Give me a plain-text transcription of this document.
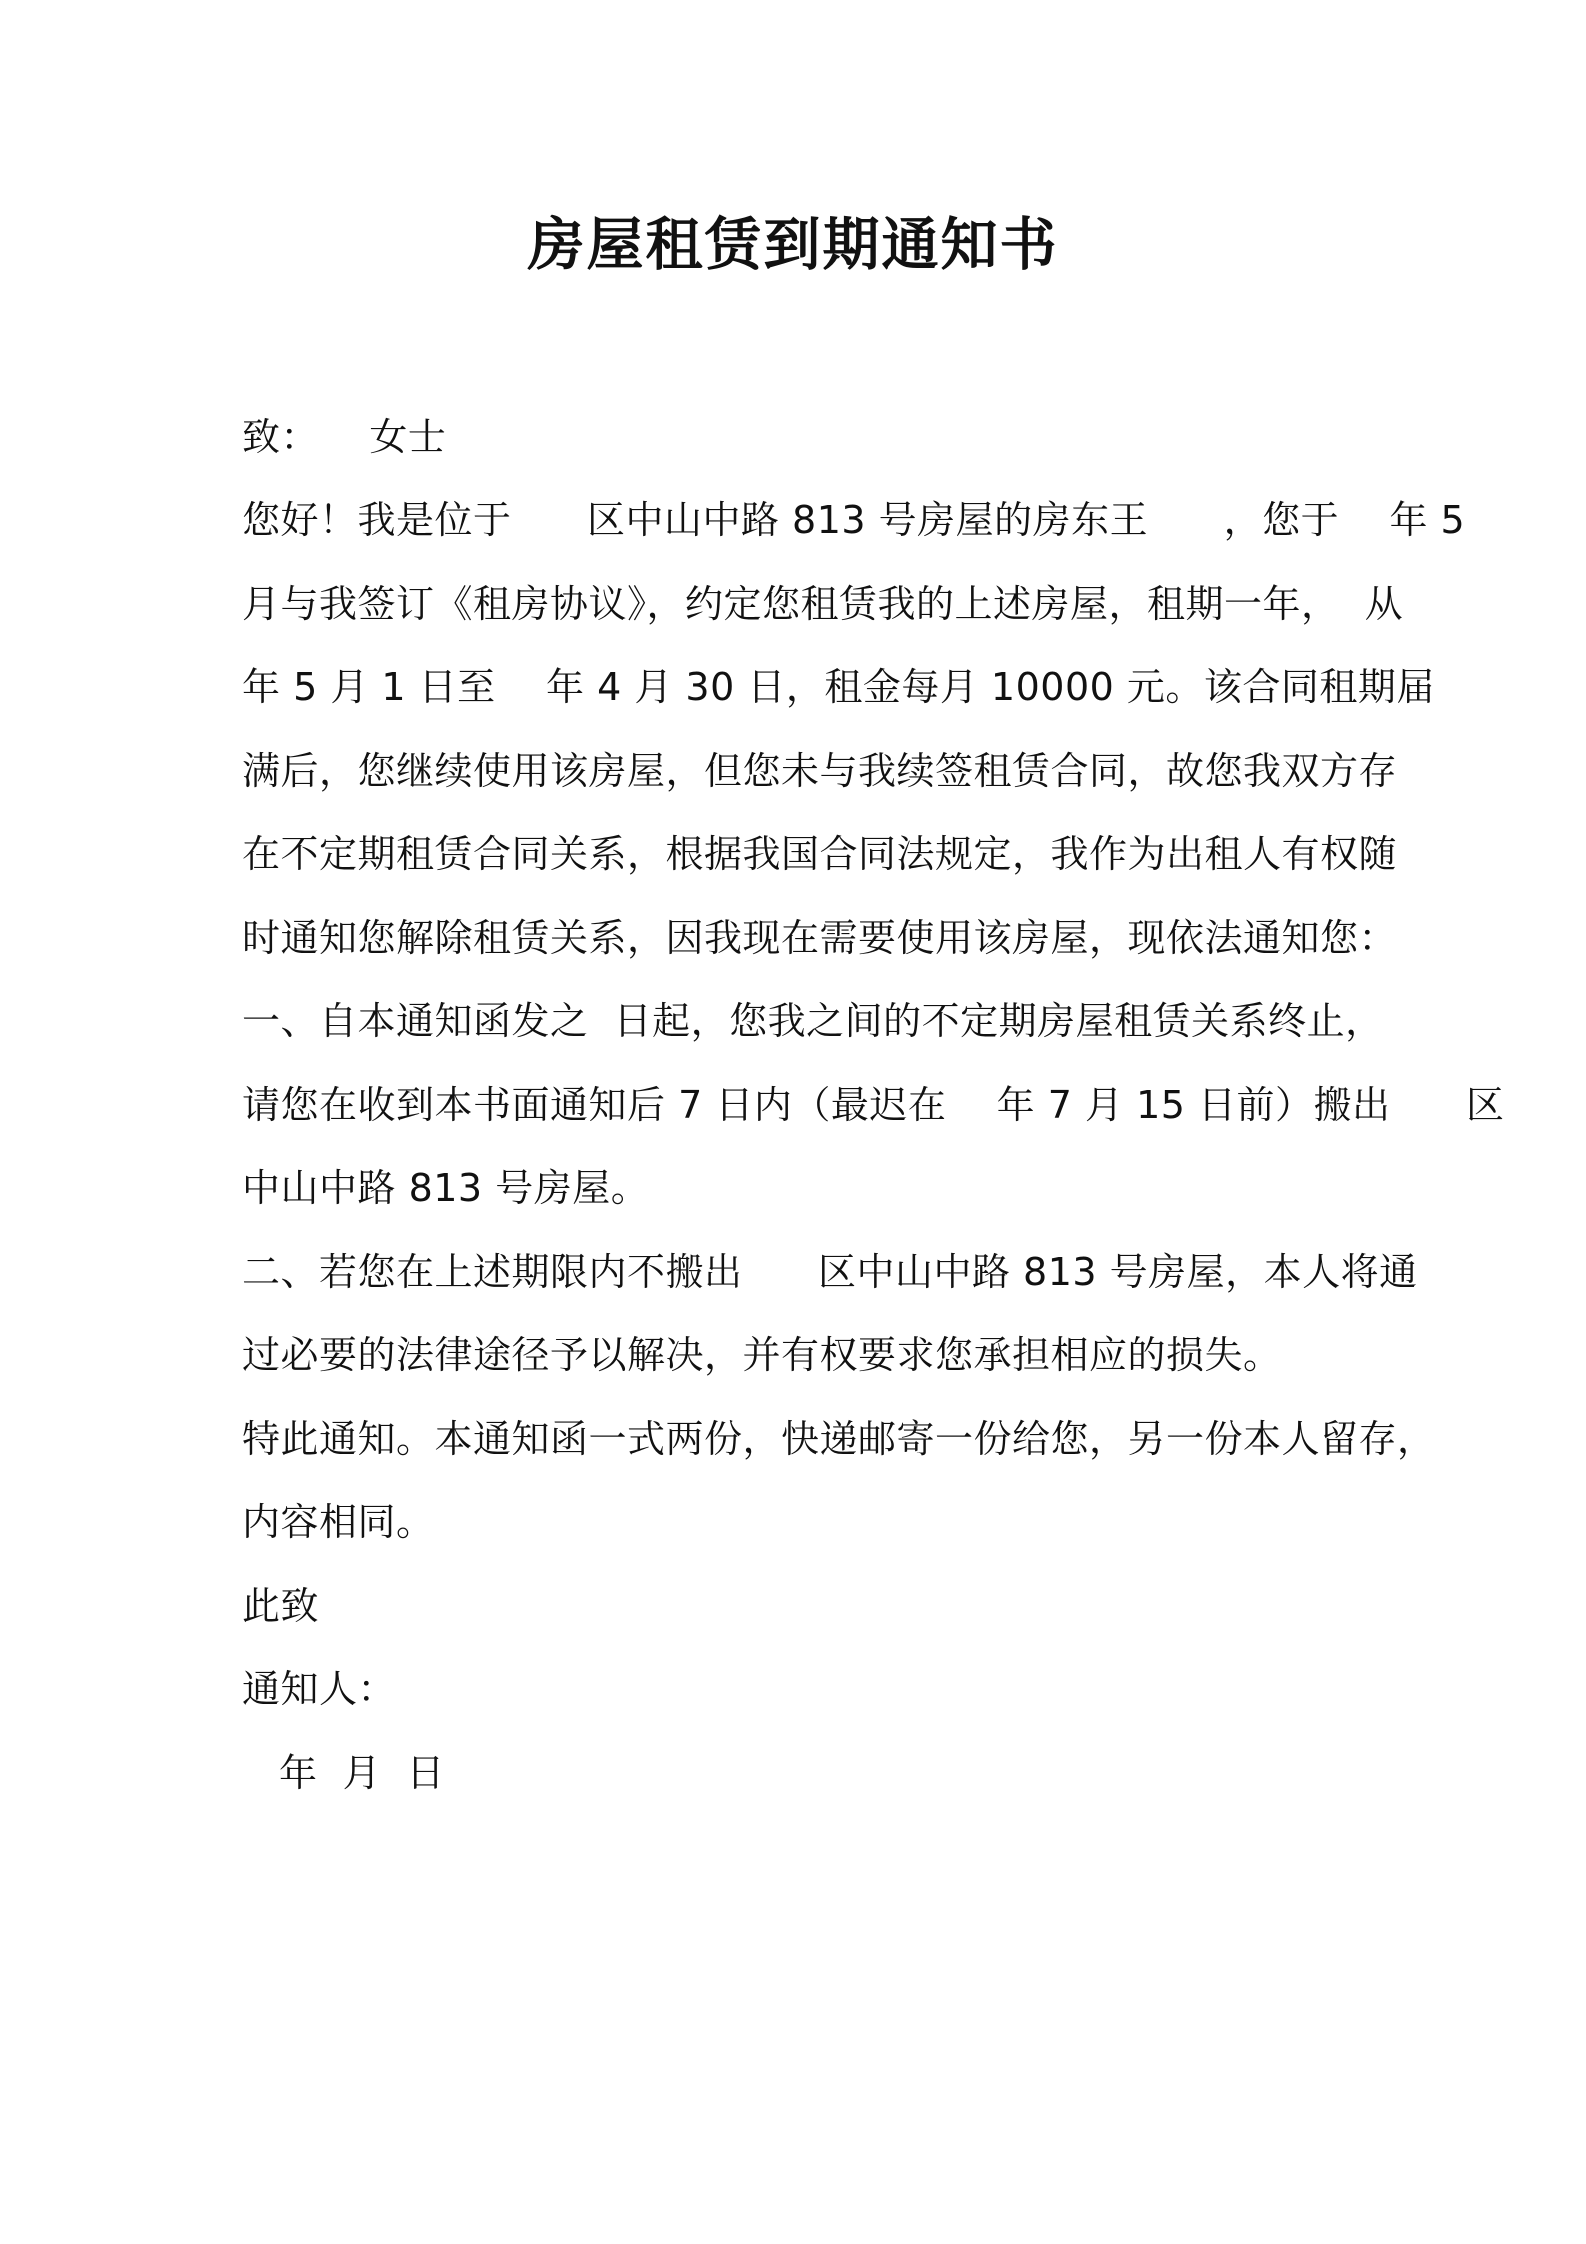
房屋租赁到期通知书
致：    女士
您好！我是位于      区中山中路 813 号房屋的房东王      ，您于    年 5
月与我签订《租房协议》，约定您租赁我的上述房屋，租期一年，  从
年 5 月 1 日至    年 4 月 30 日，租金每月 10000 元。该合同租期届
满后，您继续使用该房屋，但您未与我续签租赁合同，故您我双方存
在不定期租赁合同关系，根据我国合同法规定，我作为出租人有权随
时通知您解除租赁关系，因我现在需要使用该房屋，现依法通知您：
一、自本通知函发之  日起，您我之间的不定期房屋租赁关系终止，
请您在收到本书面通知后 7 日内（最迟在    年 7 月 15 日前）搬出      区
中山中路 813 号房屋。
二、若您在上述期限内不搬出      区中山中路 813 号房屋，本人将通
过必要的法律途径予以解决，并有权要求您承担相应的损失。
特此通知。本通知函一式两份，快递邮寄一份给您，另一份本人留存，
内容相同。
此致
通知人：
年  月  日
